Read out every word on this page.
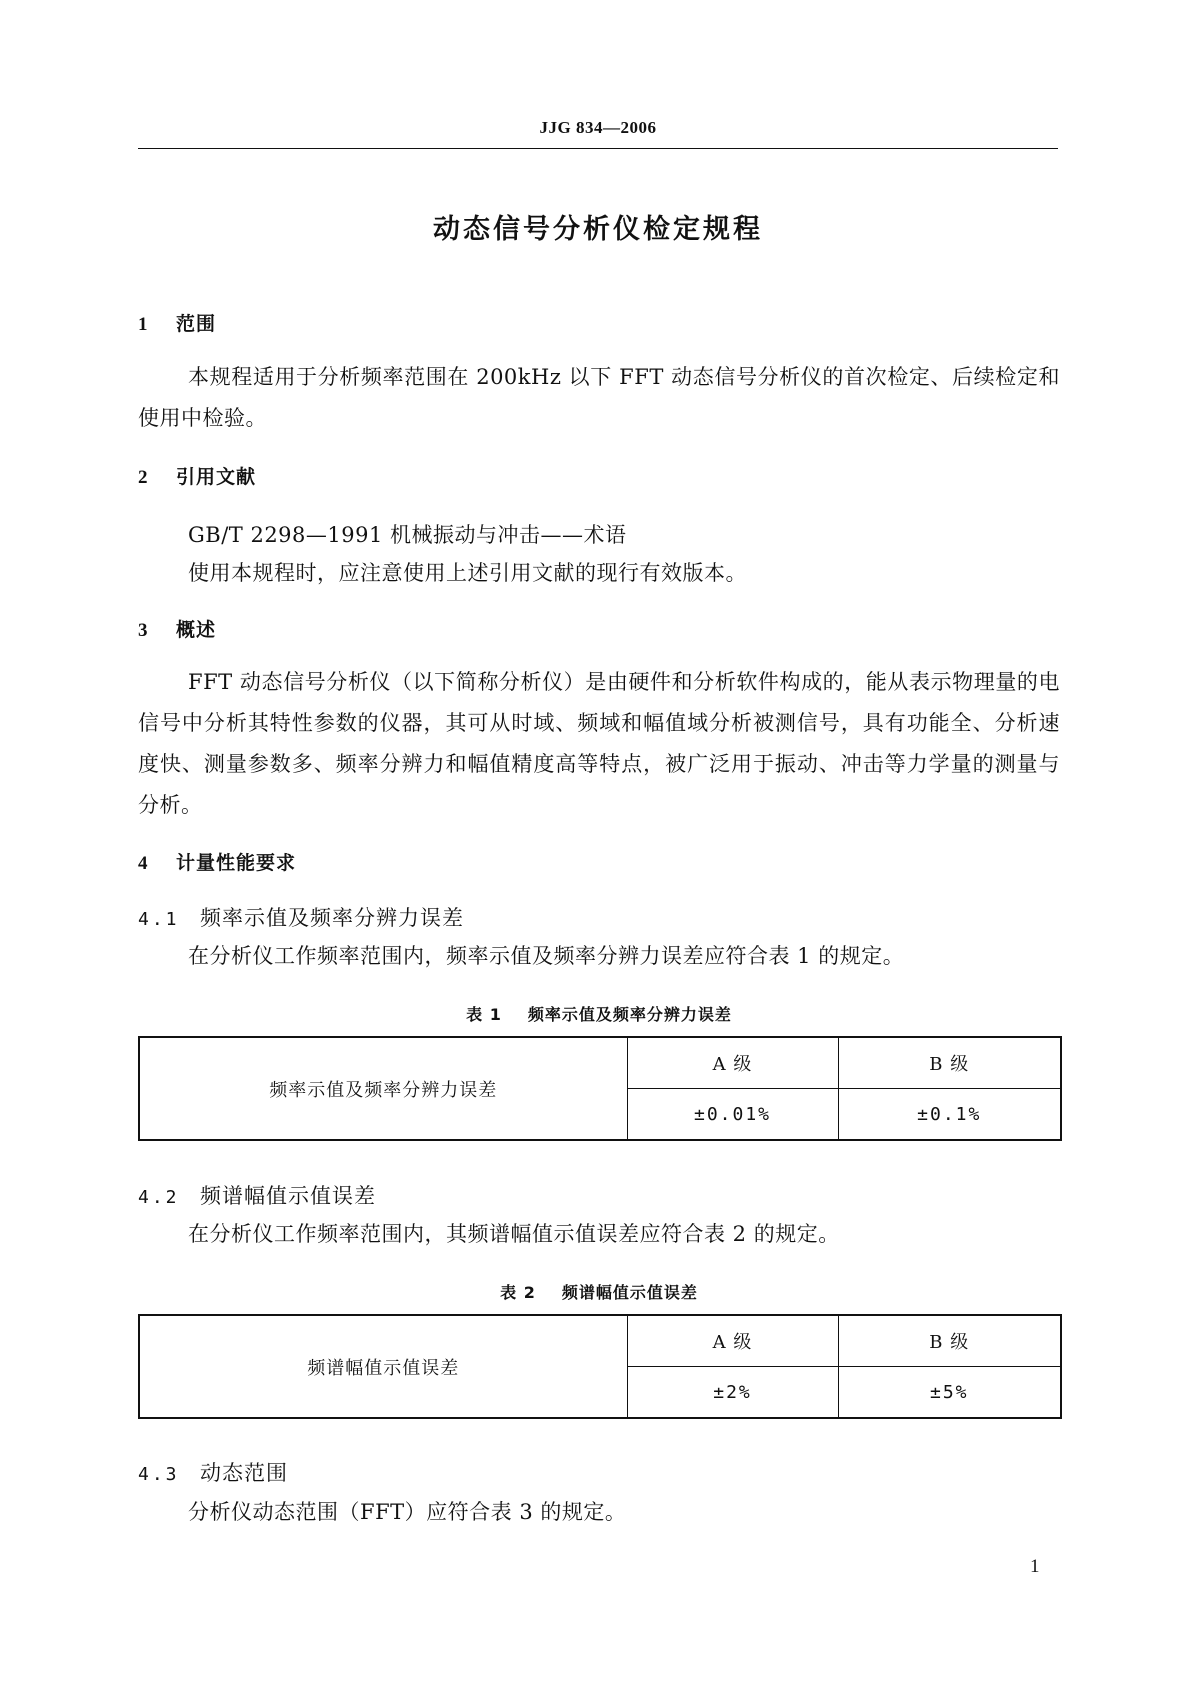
JJG 834—2006
动态信号分析仪检定规程
1 范围
本规程适用于分析频率范围在 200kHz 以下 FFT 动态信号分析仪的首次检定、后续检定和使用中检验。
2 引用文献
GB/T 2298—1991 机械振动与冲击——术语
使用本规程时，应注意使用上述引用文献的现行有效版本。
3 概述
FFT 动态信号分析仪（以下简称分析仪）是由硬件和分析软件构成的，能从表示物理量的电信号中分析其特性参数的仪器，其可从时域、频域和幅值域分析被测信号，具有功能全、分析速度快、测量参数多、频率分辨力和幅值精度高等特点，被广泛用于振动、冲击等力学量的测量与分析。
4 计量性能要求
4.1 频率示值及频率分辨力误差
在分析仪工作频率范围内，频率示值及频率分辨力误差应符合表 1 的规定。
表 1 频率示值及频率分辨力误差
频率示值及频率分辨力误差	A 级	B 级
	±0.01%	±0.1%
4.2 频谱幅值示值误差
在分析仪工作频率范围内，其频谱幅值示值误差应符合表 2 的规定。
表 2 频谱幅值示值误差
频谱幅值示值误差	A 级	B 级
	±2%	±5%
4.3 动态范围
分析仪动态范围（FFT）应符合表 3 的规定。
1
